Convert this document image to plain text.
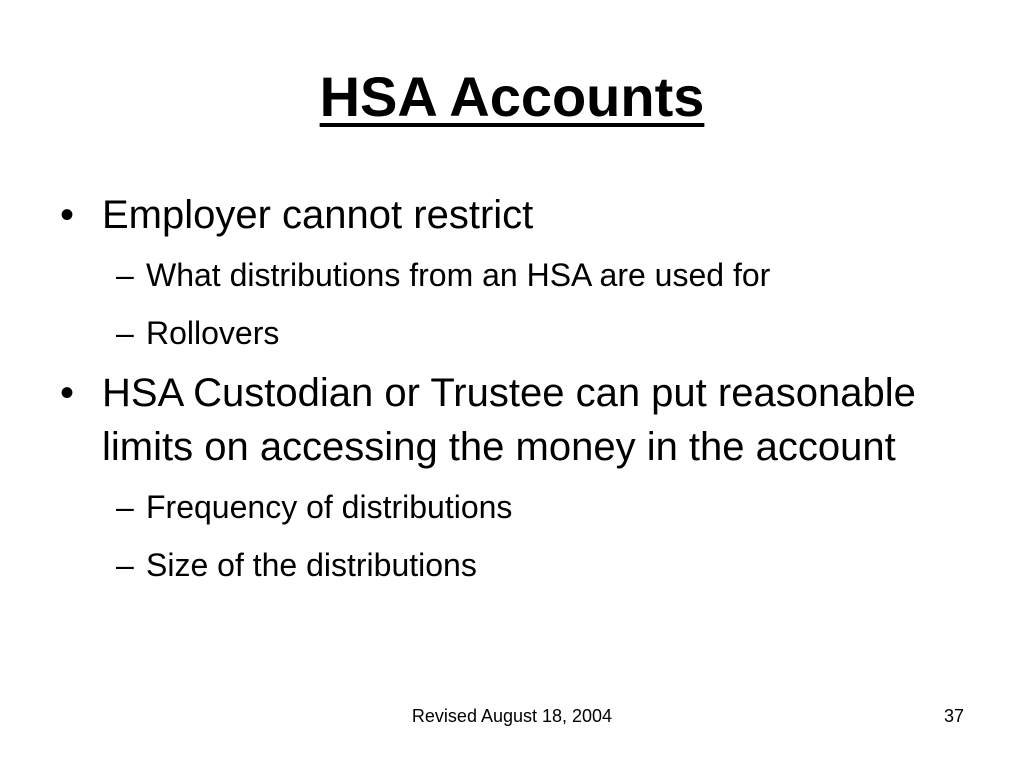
HSA Accounts
• Employer cannot restrict
– What distributions from an HSA are used for
– Rollovers
• HSA Custodian or Trustee can put reasonable limits on accessing the money in the account
– Frequency of distributions
– Size of the distributions
Revised August 18, 2004	37
